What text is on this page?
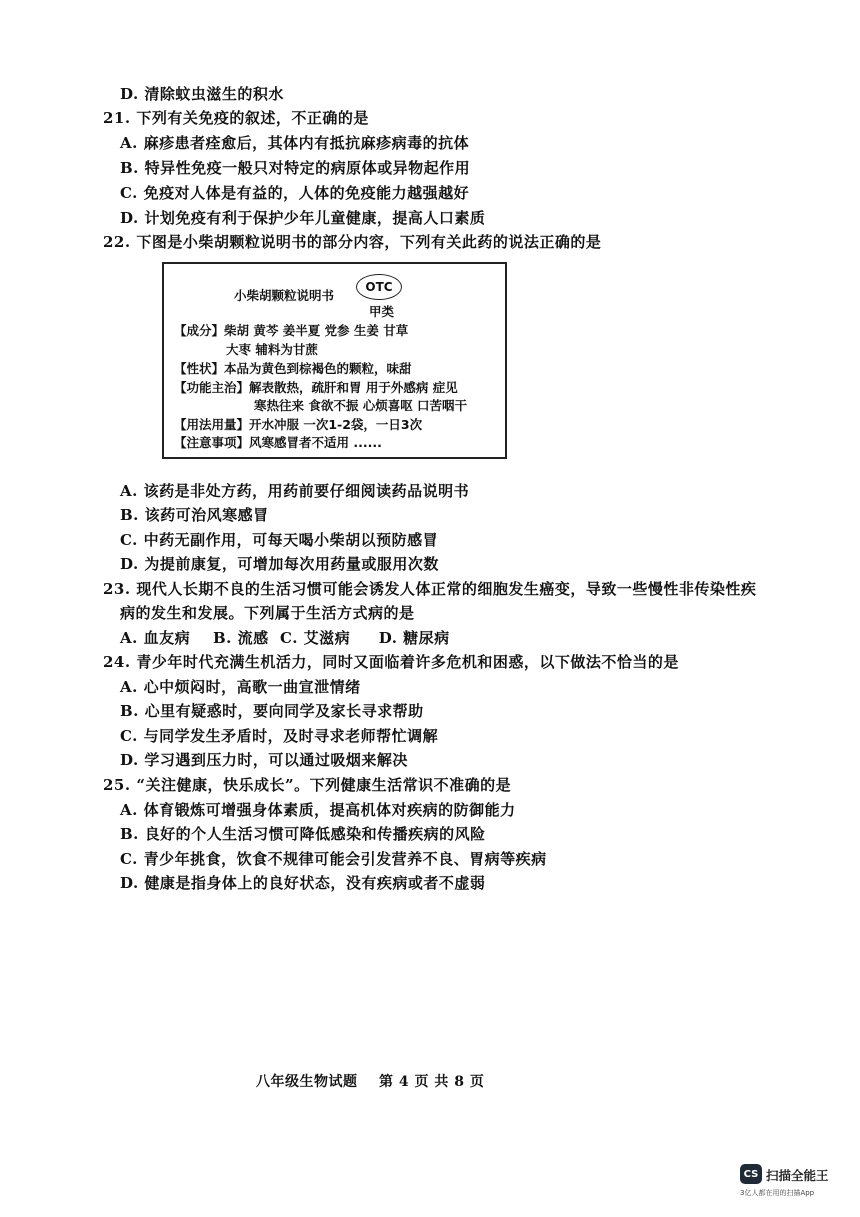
D. 清除蚊虫滋生的积水
21. 下列有关免疫的叙述，不正确的是
A. 麻疹患者痊愈后，其体内有抵抗麻疹病毒的抗体
B. 特异性免疫一般只对特定的病原体或异物起作用
C. 免疫对人体是有益的，人体的免疫能力越强越好
D. 计划免疫有利于保护少年儿童健康，提高人口素质
22. 下图是小柴胡颗粒说明书的部分内容，下列有关此药的说法正确的是
小柴胡颗粒说明书
OTC
甲类
【成分】柴胡 黄芩 姜半夏 党参 生姜 甘草
大枣 辅料为甘蔗
【性状】本品为黄色到棕褐色的颗粒，味甜
【功能主治】解表散热，疏肝和胃 用于外感病 症见
寒热往来 食欲不振 心烦喜呕 口苦咽干
【用法用量】开水冲服 一次1-2袋，一日3次
【注意事项】风寒感冒者不适用 ......
A. 该药是非处方药，用药前要仔细阅读药品说明书
B. 该药可治风寒感冒
C. 中药无副作用，可每天喝小柴胡以预防感冒
D. 为提前康复，可增加每次用药量或服用次数
23. 现代人长期不良的生活习惯可能会诱发人体正常的细胞发生癌变，导致一些慢性非传染性疾
病的发生和发展。下列属于生活方式病的是
A. 血友病    B. 流感  C. 艾滋病     D. 糖尿病
24. 青少年时代充满生机活力，同时又面临着许多危机和困惑，以下做法不恰当的是
A. 心中烦闷时，高歌一曲宣泄情绪
B. 心里有疑惑时，要向同学及家长寻求帮助
C. 与同学发生矛盾时，及时寻求老师帮忙调解
D. 学习遇到压力时，可以通过吸烟来解决
25. “关注健康，快乐成长”。下列健康生活常识不准确的是
A. 体育锻炼可增强身体素质，提高机体对疾病的防御能力
B. 良好的个人生活习惯可降低感染和传播疾病的风险
C. 青少年挑食，饮食不规律可能会引发营养不良、胃病等疾病
D. 健康是指身体上的良好状态，没有疾病或者不虚弱
八年级生物试题    第 4 页 共 8 页
CS 扫描全能王
3亿人都在用的扫描App
